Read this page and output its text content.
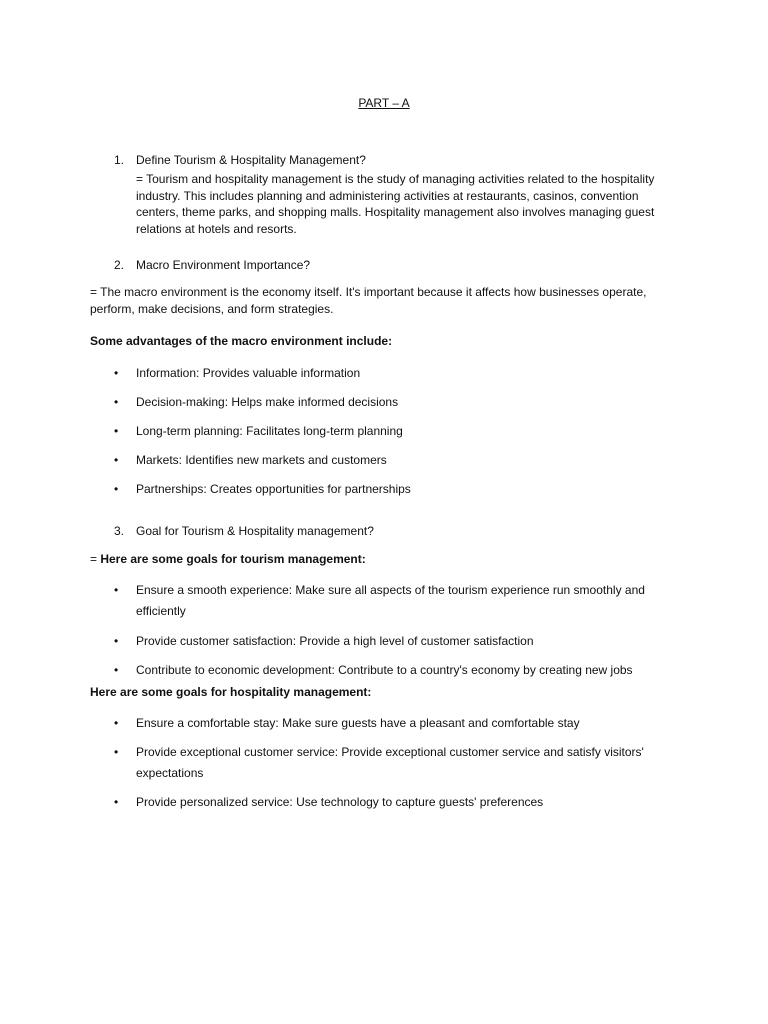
PART – A
1. Define Tourism & Hospitality Management?
= Tourism and hospitality management is the study of managing activities related to the hospitality industry. This includes planning and administering activities at restaurants, casinos, convention centers, theme parks, and shopping malls. Hospitality management also involves managing guest relations at hotels and resorts.
2. Macro Environment Importance?
= The macro environment is the economy itself. It's important because it affects how businesses operate, perform, make decisions, and form strategies.
Some advantages of the macro environment include:
• Information: Provides valuable information
• Decision-making: Helps make informed decisions
• Long-term planning: Facilitates long-term planning
• Markets: Identifies new markets and customers
• Partnerships: Creates opportunities for partnerships
3. Goal for Tourism & Hospitality management?
= Here are some goals for tourism management:
• Ensure a smooth experience: Make sure all aspects of the tourism experience run smoothly and efficiently
• Provide customer satisfaction: Provide a high level of customer satisfaction
• Contribute to economic development: Contribute to a country's economy by creating new jobs
Here are some goals for hospitality management:
• Ensure a comfortable stay: Make sure guests have a pleasant and comfortable stay
• Provide exceptional customer service: Provide exceptional customer service and satisfy visitors' expectations
• Provide personalized service: Use technology to capture guests' preferences
